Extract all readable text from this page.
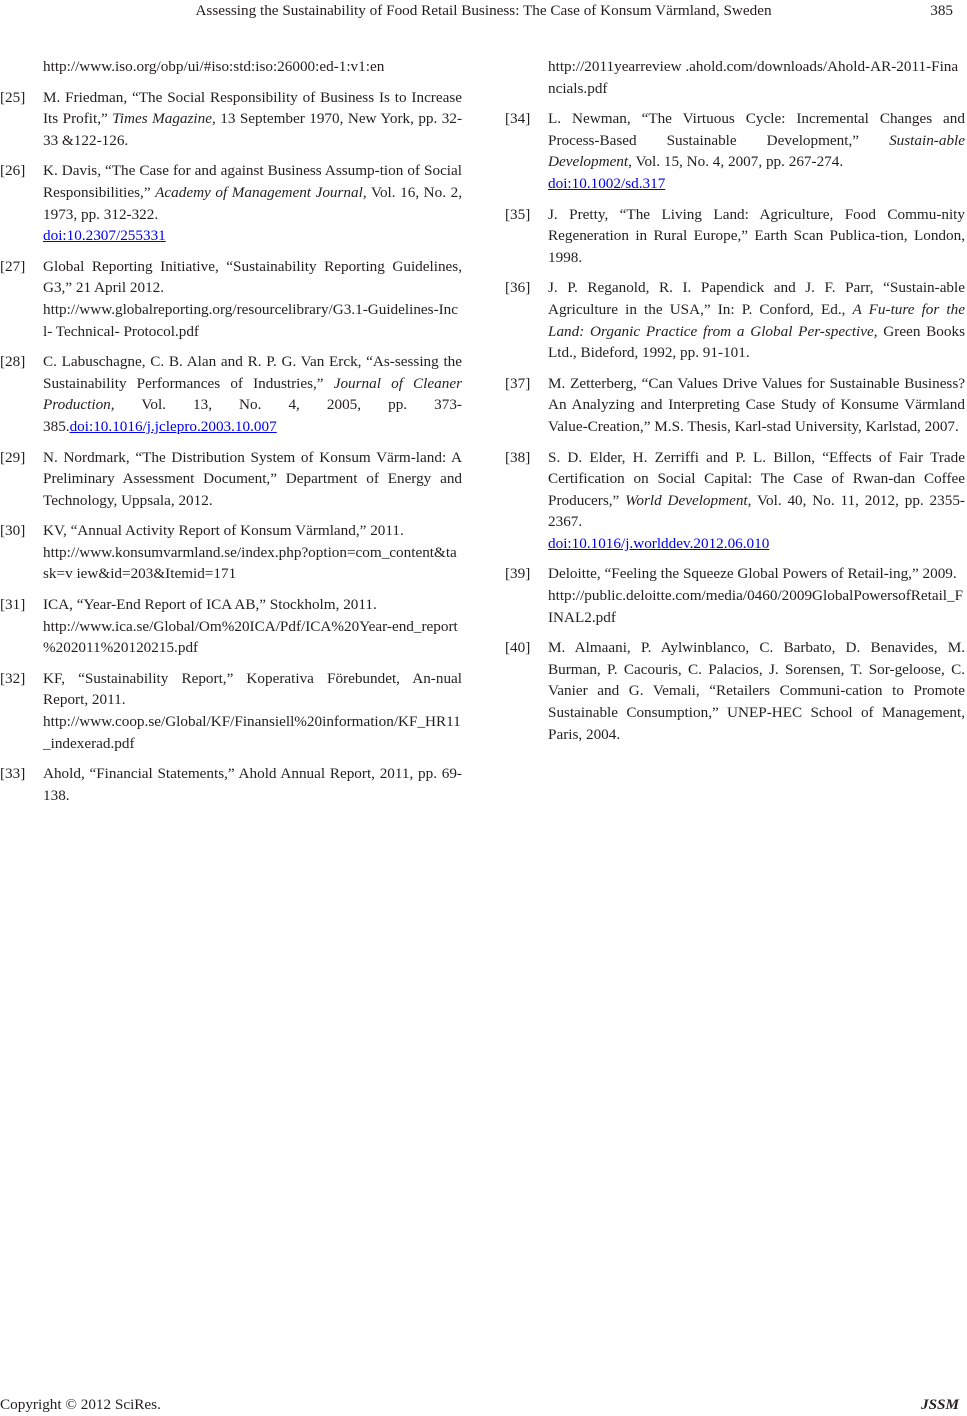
Assessing the Sustainability of Food Retail Business: The Case of Konsum Värmland, Sweden	385
http://www.iso.org/obp/ui/#iso:std:iso:26000:ed-1:v1:en
[25] M. Friedman, “The Social Responsibility of Business Is to Increase Its Profit,” Times Magazine, 13 September 1970, New York, pp. 32-33 &122-126.
[26] K. Davis, “The Case for and against Business Assump-tion of Social Responsibilities,” Academy of Management Journal, Vol. 16, No. 2, 1973, pp. 312-322.
doi:10.2307/255331
[27] Global Reporting Initiative, “Sustainability Reporting Guidelines, G3,” 21 April 2012.
http://www.globalreporting.org/resourcelibrary/G3.1-Guidelines-Incl- Technical- Protocol.pdf
[28] C. Labuschagne, C. B. Alan and R. P. G. Van Erck, “As-sessing the Sustainability Performances of Industries,” Journal of Cleaner Production, Vol. 13, No. 4, 2005, pp. 373-385.doi:10.1016/j.jclepro.2003.10.007
[29] N. Nordmark, “The Distribution System of Konsum Värm-land: A Preliminary Assessment Document,” Department of Energy and Technology, Uppsala, 2012.
[30] KV, “Annual Activity Report of Konsum Värmland,” 2011.
http://www.konsumvarmland.se/index.php?option=com_content&task=v iew&id=203&Itemid=171
[31] ICA, “Year-End Report of ICA AB,” Stockholm, 2011.
http://www.ica.se/Global/Om%20ICA/Pdf/ICA%20Year-end_report %202011%20120215.pdf
[32] KF, “Sustainability Report,” Koperativa Förebundet, An-nual Report, 2011.
http://www.coop.se/Global/KF/Finansiell%20information/KF_HR11_indexerad.pdf
[33] Ahold, “Financial Statements,” Ahold Annual Report, 2011, pp. 69-138.
http://2011yearreview .ahold.com/downloads/Ahold-AR-2011-Financials.pdf
[34] L. Newman, “The Virtuous Cycle: Incremental Changes and Process-Based Sustainable Development,” Sustain-able Development, Vol. 15, No. 4, 2007, pp. 267-274.
doi:10.1002/sd.317
[35] J. Pretty, “The Living Land: Agriculture, Food Commu-nity Regeneration in Rural Europe,” Earth Scan Publica-tion, London, 1998.
[36] J. P. Reganold, R. I. Papendick and J. F. Parr, “Sustain-able Agriculture in the USA,” In: P. Conford, Ed., A Fu-ture for the Land: Organic Practice from a Global Per-spective, Green Books Ltd., Bideford, 1992, pp. 91-101.
[37] M. Zetterberg, “Can Values Drive Values for Sustainable Business? An Analyzing and Interpreting Case Study of Konsume Värmland Value-Creation,” M.S. Thesis, Karl-stad University, Karlstad, 2007.
[38] S. D. Elder, H. Zerriffi and P. L. Billon, “Effects of Fair Trade Certification on Social Capital: The Case of Rwan-dan Coffee Producers,” World Development, Vol. 40, No. 11, 2012, pp. 2355-2367.
doi:10.1016/j.worlddev.2012.06.010
[39] Deloitte, “Feeling the Squeeze Global Powers of Retail-ing,” 2009.
http://public.deloitte.com/media/0460/2009GlobalPowersofRetail_FINAL2.pdf
[40] M. Almaani, P. Aylwinblanco, C. Barbato, D. Benavides, M. Burman, P. Cacouris, C. Palacios, J. Sorensen, T. Sor-geloose, C. Vanier and G. Vemali, “Retailers Communi-cation to Promote Sustainable Consumption,” UNEP-HEC School of Management, Paris, 2004.
Copyright © 2012 SciRes.	JSSM
